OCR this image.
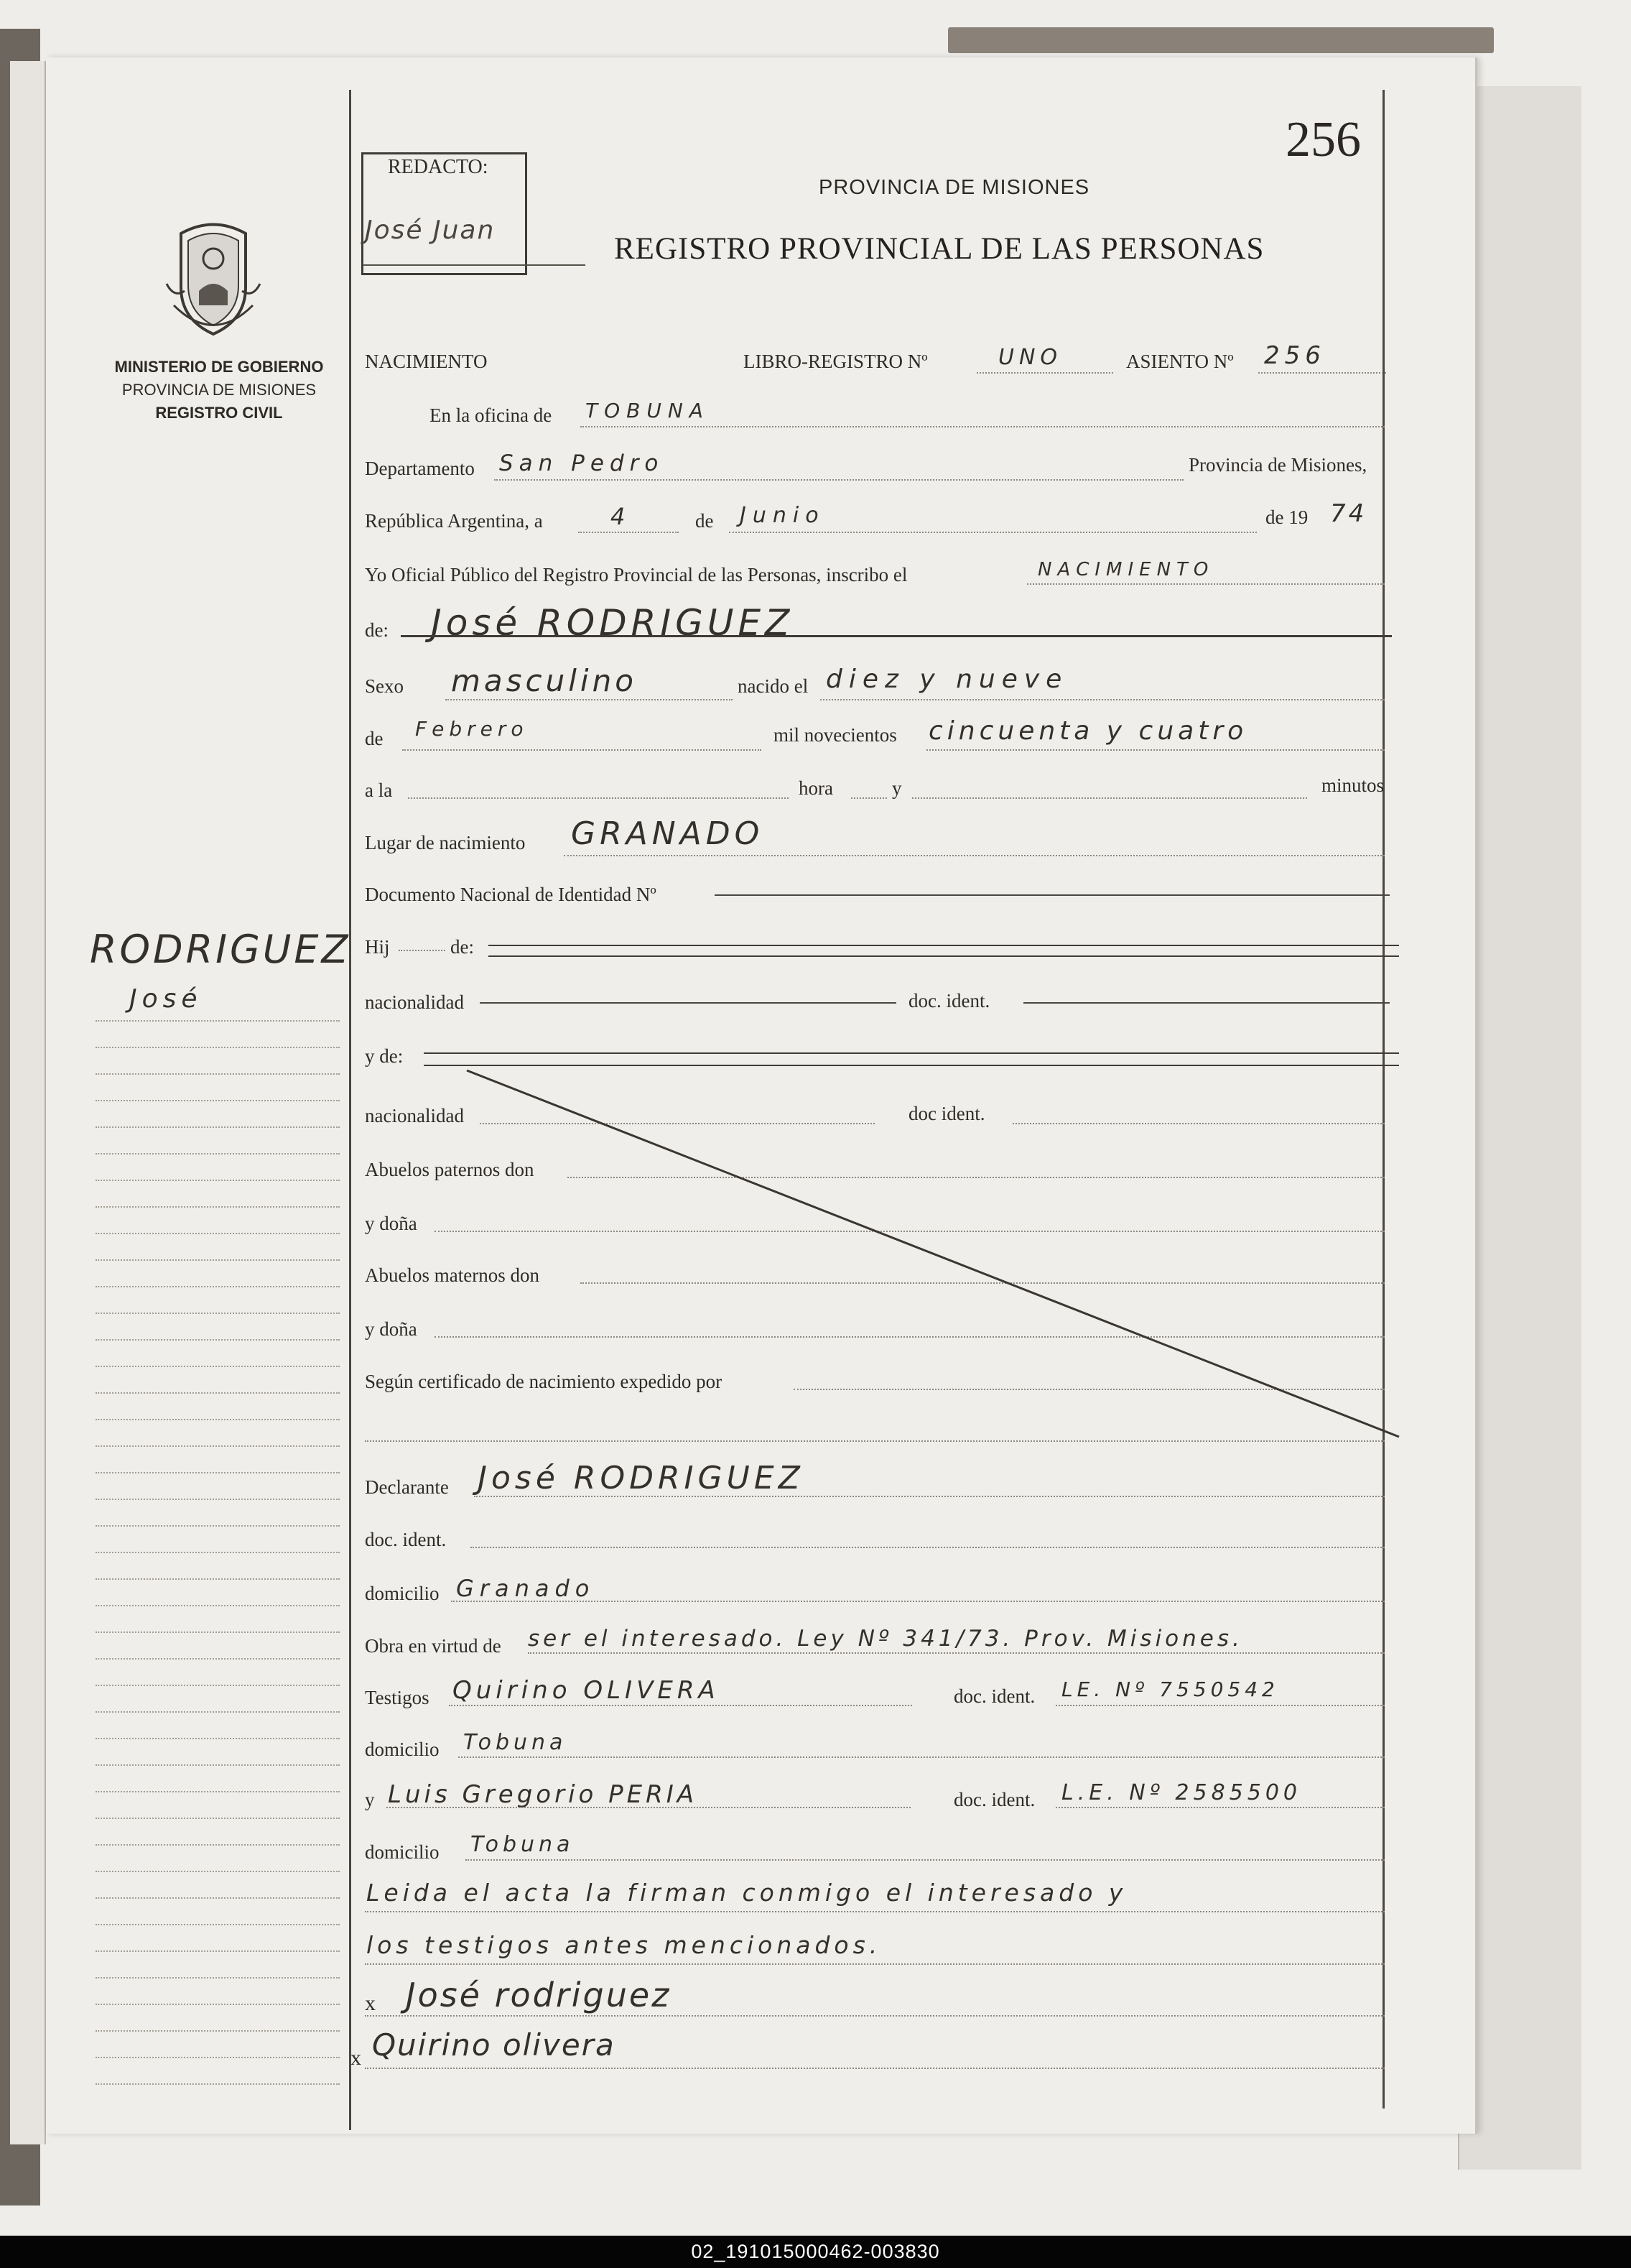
256
REDACTO:
José Juan
PROVINCIA DE MISIONES
REGISTRO PROVINCIAL DE LAS PERSONAS
MINISTERIO DE GOBIERNO
PROVINCIA DE MISIONES
REGISTRO CIVIL
RODRIGUEZ
José
NACIMIENTO	LIBRO-REGISTRO Nº	UNO	ASIENTO Nº 256
En la oficina de TOBUNA
Departamento San Pedro	Provincia de Misiones,
República Argentina, a	4	de Junio	de 19 74
Yo Oficial Público del Registro Provincial de las Personas, inscribo el	NACIMIENTO
de: José RODRIGUEZ
Sexo masculino	nacido el diez y nueve
de Febrero	mil novecientos cincuenta y cuatro
a la	hora	y	minutos
Lugar de nacimiento GRANADO
Documento Nacional de Identidad Nº
Hij	de:
nacionalidad	doc. ident.
y de:
nacionalidad	doc ident.
Abuelos paternos don
y doña
Abuelos maternos don
y doña
Según certificado de nacimiento expedido por
Declarante José RODRIGUEZ
doc. ident.
domicilio Granado
Obra en virtud de ser el interesado. Ley Nº 341/73. Prov. Misiones.
Testigos Quirino OLIVERA	doc. ident. LE. Nº 7550542
domicilio Tobuna
y Luis Gregorio PERIA	doc. ident. L.E. Nº 2585500
domicilio Tobuna
Leida el acta la firman conmigo el interesado y
los testigos antes mencionados.
x José rodriguez
x Quirino olivera
02_191015000462-003830
